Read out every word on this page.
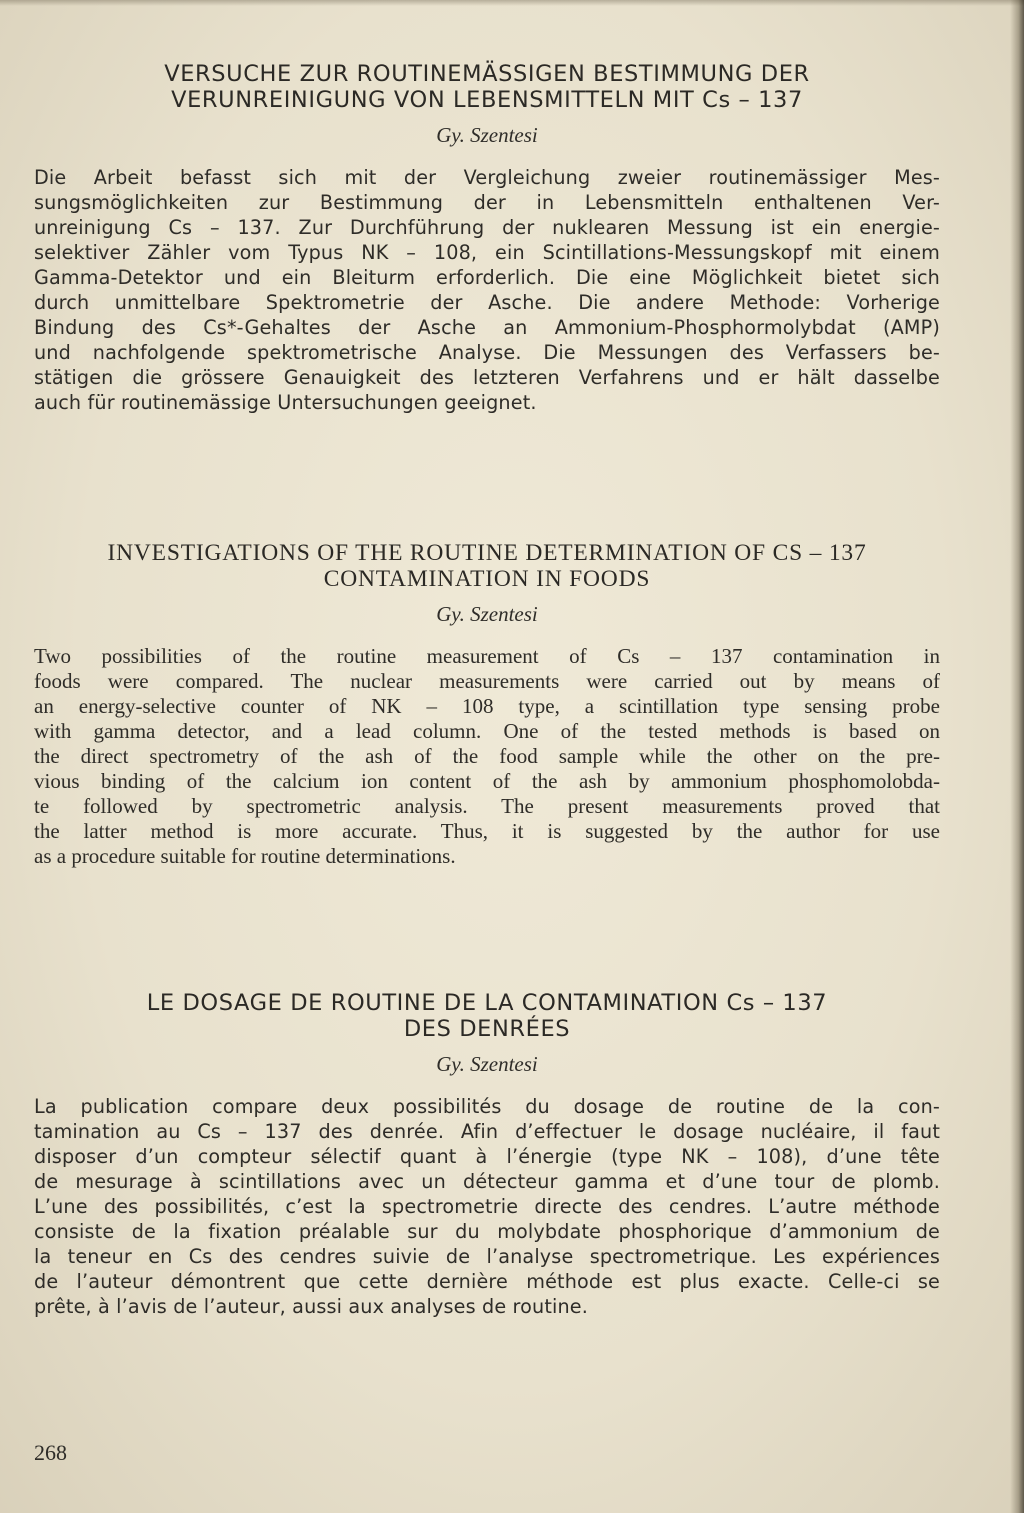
VERSUCHE ZUR ROUTINEMÄSSIGEN BESTIMMUNG DER
VERUNREINIGUNG VON LEBENSMITTELN MIT Cs – 137
Gy. Szentesi
Die Arbeit befasst sich mit der Vergleichung zweier routinemässiger Mes-
sungsmöglichkeiten zur Bestimmung der in Lebensmitteln enthaltenen Ver-
unreinigung Cs – 137. Zur Durchführung der nuklearen Messung ist ein energie-
selektiver Zähler vom Typus NK – 108, ein Scintillations-Messungskopf mit einem
Gamma-Detektor und ein Bleiturm erforderlich. Die eine Möglichkeit bietet sich
durch unmittelbare Spektrometrie der Asche. Die andere Methode: Vorherige
Bindung des Cs*-Gehaltes der Asche an Ammonium-Phosphormolybdat (AMP)
und nachfolgende spektrometrische Analyse. Die Messungen des Verfassers be-
stätigen die grössere Genauigkeit des letzteren Verfahrens und er hält dasselbe
auch für routinemässige Untersuchungen geeignet.
INVESTIGATIONS OF THE ROUTINE DETERMINATION OF CS – 137
CONTAMINATION IN FOODS
Gy. Szentesi
Two possibilities of the routine measurement of Cs – 137 contamination in
foods were compared. The nuclear measurements were carried out by means of
an energy-selective counter of NK – 108 type, a scintillation type sensing probe
with gamma detector, and a lead column. One of the tested methods is based on
the direct spectrometry of the ash of the food sample while the other on the pre-
vious binding of the calcium ion content of the ash by ammonium phosphomolobda-
te followed by spectrometric analysis. The present measurements proved that
the latter method is more accurate. Thus, it is suggested by the author for use
as a procedure suitable for routine determinations.
LE DOSAGE DE ROUTINE DE LA CONTAMINATION Cs – 137
DES DENRÉES
Gy. Szentesi
La publication compare deux possibilités du dosage de routine de la con-
tamination au Cs – 137 des denrée. Afin d’effectuer le dosage nucléaire, il faut
disposer d’un compteur sélectif quant à l’énergie (type NK – 108), d’une tête
de mesurage à scintillations avec un détecteur gamma et d’une tour de plomb.
L’une des possibilités, c’est la spectrometrie directe des cendres. L’autre méthode
consiste de la fixation préalable sur du molybdate phosphorique d’ammonium de
la teneur en Cs des cendres suivie de l’analyse spectrometrique. Les expériences
de l’auteur démontrent que cette dernière méthode est plus exacte. Celle-ci se
prête, à l’avis de l’auteur, aussi aux analyses de routine.
268
